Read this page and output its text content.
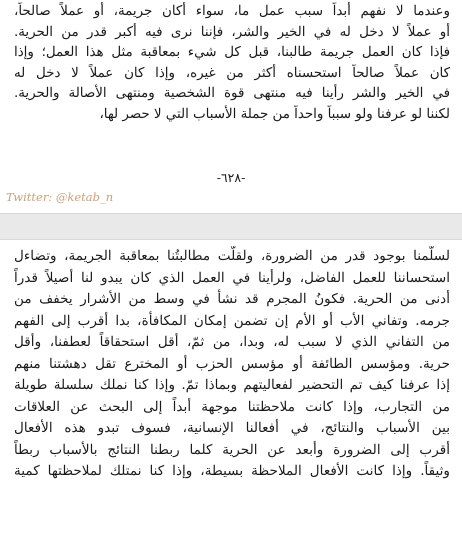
وعندما لا نفهم أبداً سبب عمل ما، سواء أكان جريمة، أو عملاً صالحاً،
أو عملاً لا دخل له في الخير والشر، فإننا نرى فيه أكبر قدر من الحرية.
فإذا كان العمل جريمة طالبنا، قبل كل شيء بمعاقبة مثل هذا العمل؛ وإذا
كان عملاً صالحاً استحسناه أكثر من غيره، وإذا كان عملاً لا دخل له
في الخير والشر رأينا فيه منتهى قوة الشخصية ومنتهى الأصالة والحرية.
لكننا لو عرفنا ولو سبباً واحداً من جملة الأسباب التي لا حصر لها،
-٦٢٨-
Twitter: @ketab_n
لسلّمنا بوجود قدر من الضرورة، ولقلّت مطالبتُنا بمعاقبة الجريمة، وتضاءل
استحساننا للعمل الفاضل، ولرأينا في العمل الذي كان يبدو لنا أصيلاً قدراً
أدنى من الحرية. فكونُ المجرم قد نشأ في وسط من الأشرار يخفف من
جرمه. وتفاني الأب أو الأم إن تضمن إمكان المكافأة، بدا أقرب إلى الفهم
من التفاني الذي لا سبب له، وبدا، من ثمّ، أقل استحقاقاً لعطفنا، وأقل
حرية. ومؤسس الطائفة أو مؤسس الحزب أو المخترع تقل دهشتنا منهم
إذا عرفنا كيف تم التحضير لفعاليتهم وبماذا تمّ. وإذا كنا نملك سلسلة طويلة
من التجارب، وإذا كانت ملاحظتنا موجهة أبداً إلى البحث عن العلاقات
بين الأسباب والنتائج، في أفعالنا الإنسانية، فسوف تبدو هذه الأفعال
أقرب إلى الضرورة وأبعد عن الحرية كلما ربطنا النتائج بالأسباب ربطاً
وثيقاً. وإذا كانت الأفعال الملاحظة بسيطة، وإذا كنا نمتلك لملاحظتها كمية
